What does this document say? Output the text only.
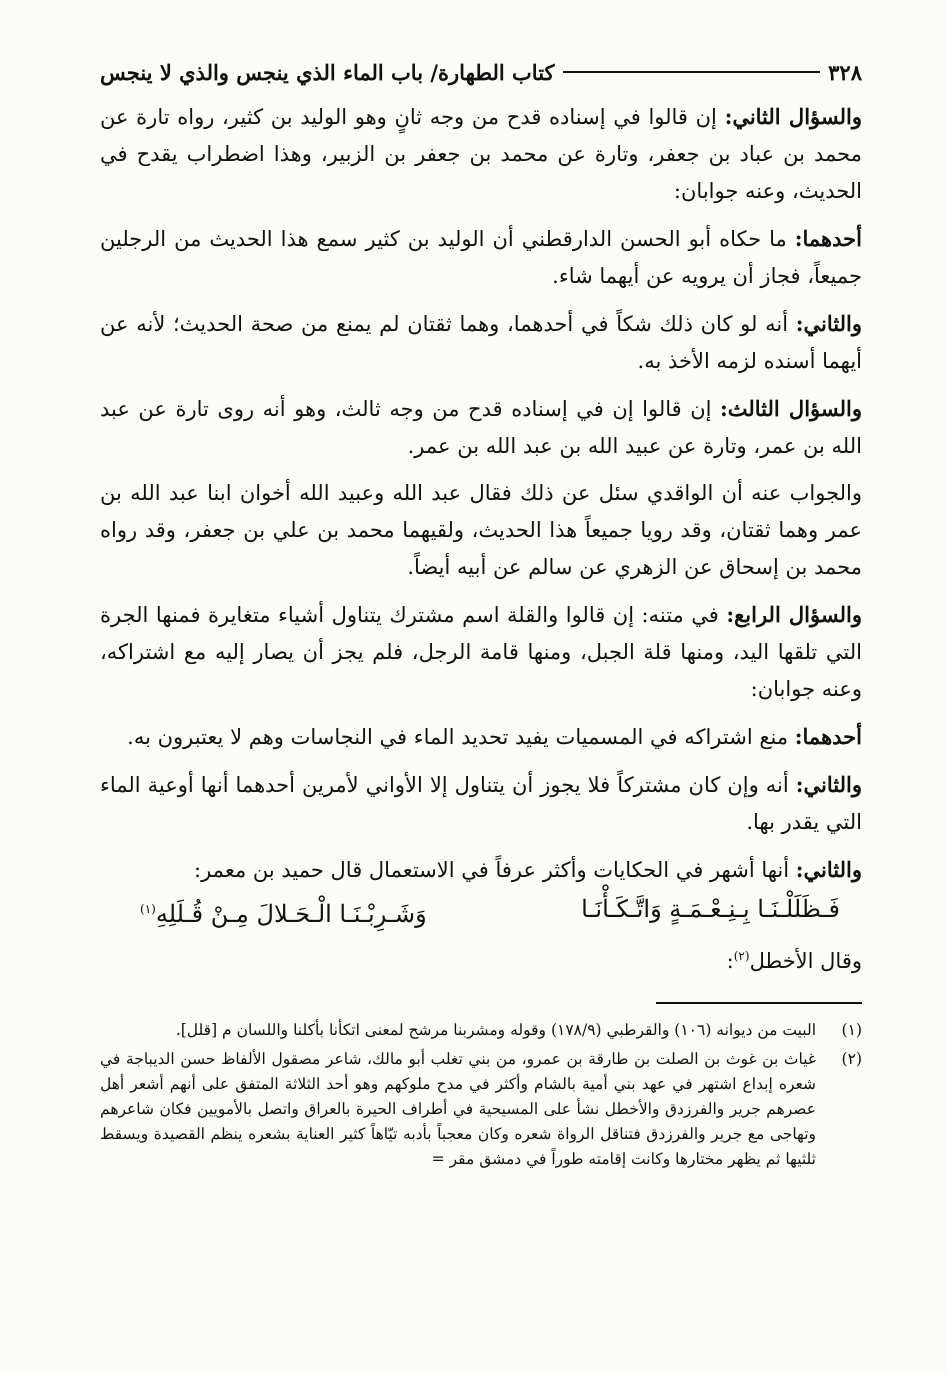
٣٢٨
كتاب الطهارة/ باب الماء الذي ينجس والذي لا ينجس

والسؤال الثاني: إن قالوا في إسناده قدح من وجه ثانٍ وهو الوليد بن كثير، رواه تارة عن محمد بن عباد بن جعفر، وتارة عن محمد بن جعفر بن الزبير، وهذا اضطراب يقدح في الحديث، وعنه جوابان:

أحدهما: ما حكاه أبو الحسن الدارقطني أن الوليد بن كثير سمع هذا الحديث من الرجلين جميعاً، فجاز أن يرويه عن أيهما شاء.

والثاني: أنه لو كان ذلك شكاً في أحدهما، وهما ثقتان لم يمنع من صحة الحديث؛ لأنه عن أيهما أسنده لزمه الأخذ به.

والسؤال الثالث: إن قالوا إن في إسناده قدح من وجه ثالث، وهو أنه روى تارة عن عبد الله بن عمر، وتارة عن عبيد الله بن عبد الله بن عمر.

والجواب عنه أن الواقدي سئل عن ذلك فقال عبد الله وعبيد الله أخوان ابنا عبد الله بن عمر وهما ثقتان، وقد رويا جميعاً هذا الحديث، ولقيهما محمد بن علي بن جعفر، وقد رواه محمد بن إسحاق عن الزهري عن سالم عن أبيه أيضاً.

والسؤال الرابع: في متنه: إن قالوا والقلة اسم مشترك يتناول أشياء متغايرة فمنها الجرة التي تلقها اليد، ومنها قلة الجبل، ومنها قامة الرجل، فلم يجز أن يصار إليه مع اشتراكه، وعنه جوابان:

أحدهما: منع اشتراكه في المسميات يفيد تحديد الماء في النجاسات وهم لا يعتبرون به.

والثاني: أنه وإن كان مشتركاً فلا يجوز أن يتناول إلا الأواني لأمرين أحدهما أنها أوعية الماء التي يقدر بها.

والثاني: أنها أشهر في الحكايات وأكثر عرفاً في الاستعمال قال حميد بن معمر:

فَـظَلَلْـنَـا بِـنِـعْـمَـةٍ وَاتَّـكَـأْنَـا
وَشَـرِبْـنَـا الْـحَـلالَ مِـنْ قُـلَلِهِ$^{(١)}$

وقال الأخطل$^{(٢)}$:

(١)
البيت من ديوانه (١٠٦) والقرطبي (١٧٨/٩) وقوله ومشربنا مرشح لمعنى اتكأنا بأكلنا واللسان م [قلل].
(٢)
غياث بن غوث بن الصلت بن طارقة بن عمرو، من بني تغلب أبو مالك، شاعر مصقول الألفاظ حسن الديباجة في شعره إبداع اشتهر في عهد بني أمية بالشام وأكثر في مدح ملوكهم وهو أحد الثلاثة المتفق على أنهم أشعر أهل عصرهم جرير والفرزدق والأخطل نشأ على المسيحية في أطراف الحيرة بالعراق واتصل بالأمويين فكان شاعرهم وتهاجى مع جرير والفرزدق فتناقل الرواة شعره وكان معجباً بأدبه تيّاهاً كثير العناية بشعره ينظم القصيدة ويسقط ثلثيها ثم يظهر مختارها وكانت إقامته طوراً في دمشق مقر =
